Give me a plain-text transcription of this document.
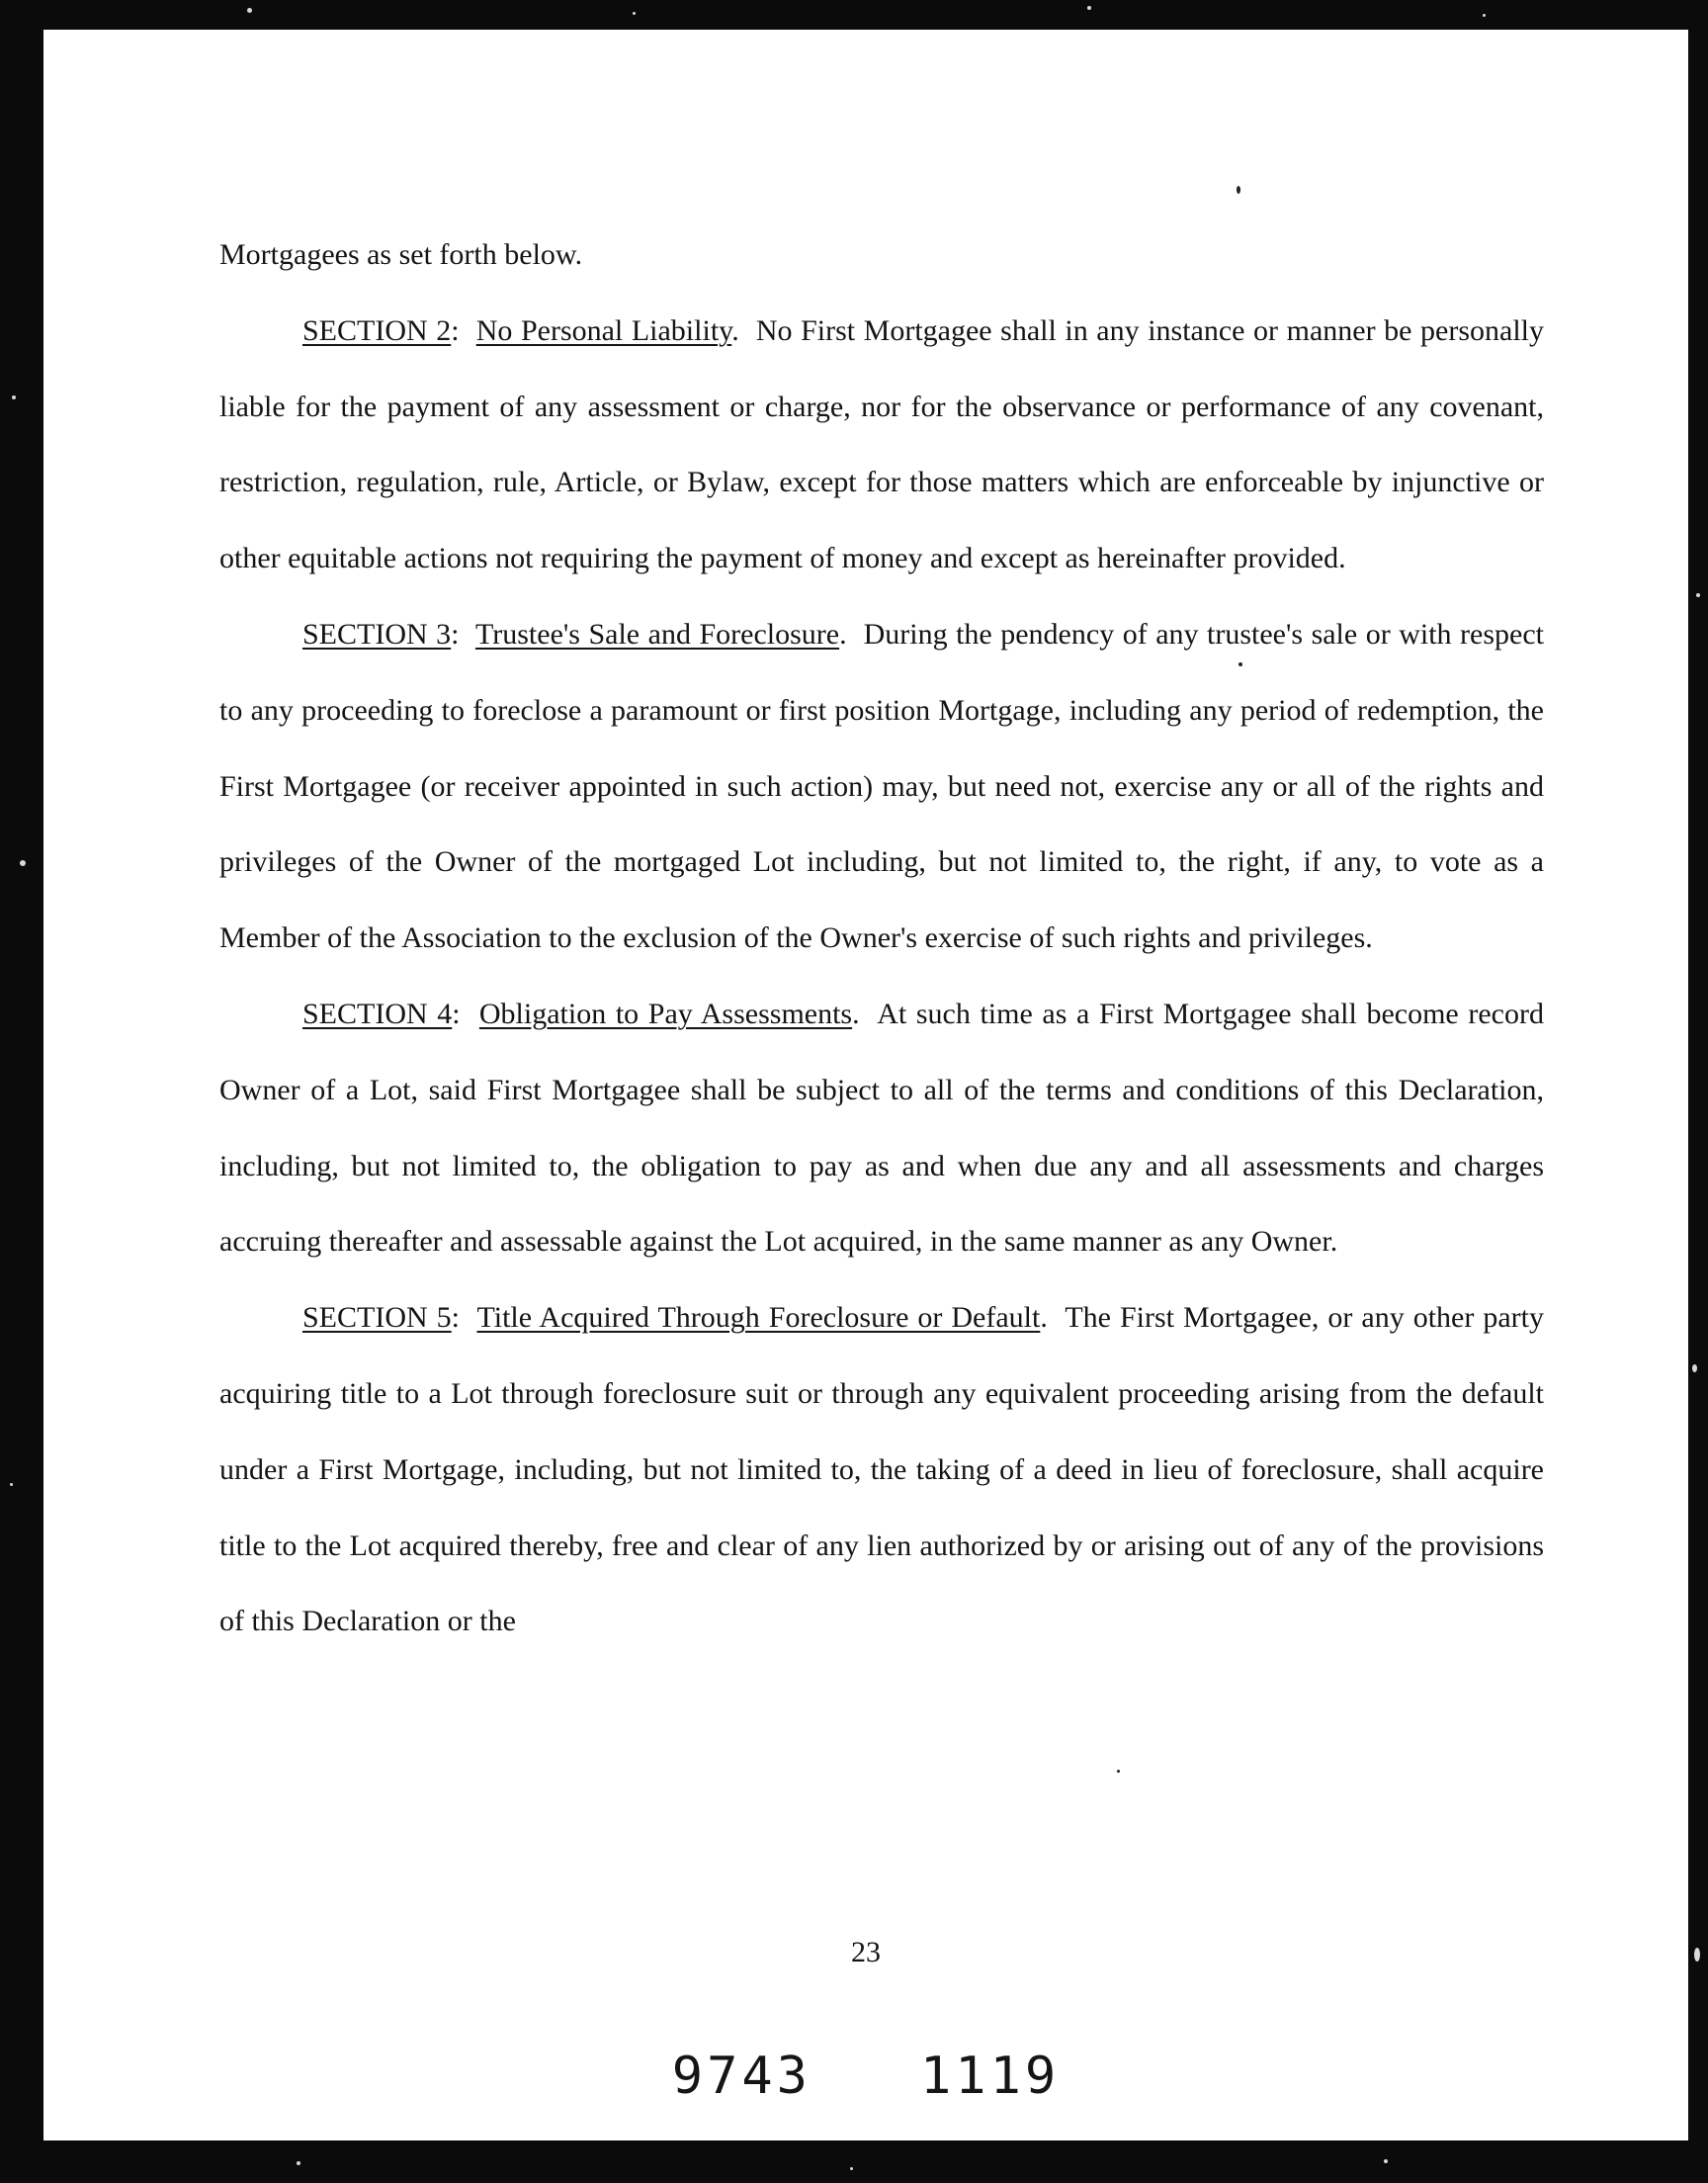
Mortgagees as set forth below.

SECTION 2:  No Personal Liability.  No First Mortgagee shall in any instance or manner be personally liable for the payment of any assessment or charge, nor for the observance or performance of any covenant, restriction, regulation, rule, Article, or Bylaw, except for those matters which are enforceable by injunctive or other equitable actions not requiring the payment of money and except as hereinafter provided.

SECTION 3:  Trustee's Sale and Foreclosure.  During the pendency of any trustee's sale or with respect to any proceeding to foreclose a paramount or first position Mortgage, including any period of redemption, the First Mortgagee (or receiver appointed in such action) may, but need not, exercise any or all of the rights and privileges of the Owner of the mortgaged Lot including, but not limited to, the right, if any, to vote as a Member of the Association to the exclusion of the Owner's exercise of such rights and privileges.

SECTION 4:  Obligation to Pay Assessments.  At such time as a First Mortgagee shall become record Owner of a Lot, said First Mortgagee shall be subject to all of the terms and conditions of this Declaration, including, but not limited to, the obligation to pay as and when due any and all assessments and charges accruing thereafter and assessable against the Lot acquired, in the same manner as any Owner.

SECTION 5:  Title Acquired Through Foreclosure or Default.  The First Mortgagee, or any other party acquiring title to a Lot through foreclosure suit or through any equivalent proceeding arising from the default under a First Mortgage, including, but not limited to, the taking of a deed in lieu of foreclosure, shall acquire title to the Lot acquired thereby, free and clear of any lien authorized by or arising out of any of the provisions of this Declaration or the

23
9743 1119
